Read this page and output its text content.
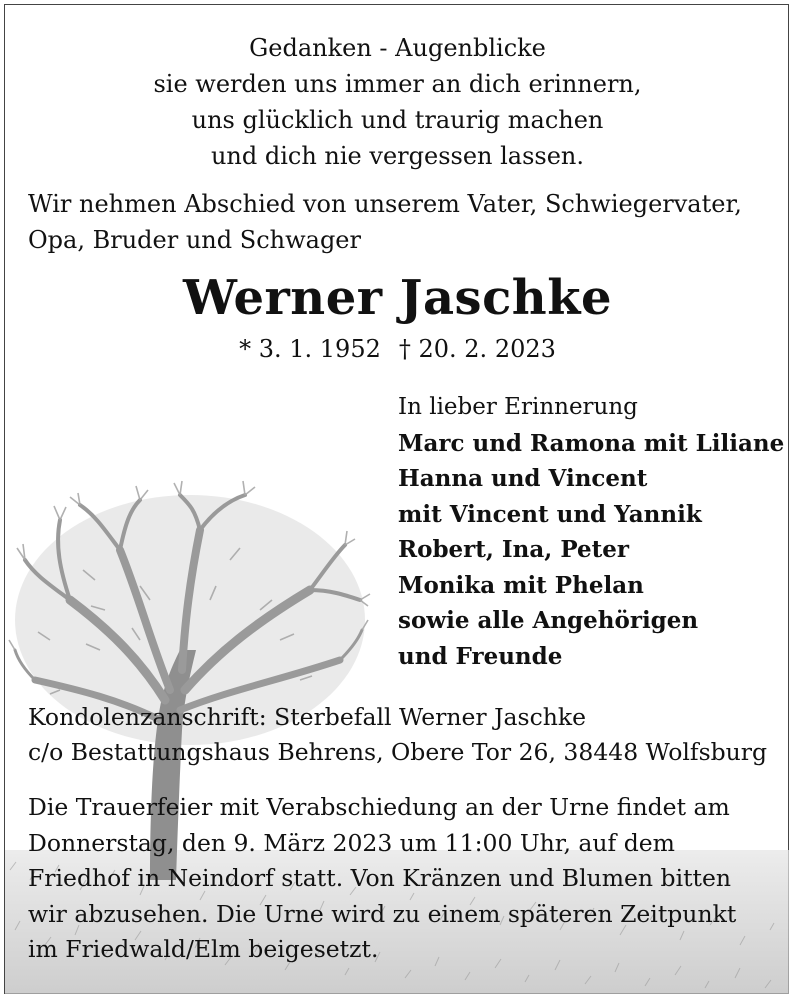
Gedanken - Augenblicke
sie werden uns immer an dich erinnern,
uns glücklich und traurig machen
und dich nie vergessen lassen.
Wir nehmen Abschied von unserem Vater, Schwiegervater,
Opa, Bruder und Schwager
Werner Jaschke
* 3. 1. 1952 † 20. 2. 2023
In lieber Erinnerung
Marc und Ramona mit Liliane
Hanna und Vincent
mit Vincent und Yannik
Robert, Ina, Peter
Monika mit Phelan
sowie alle Angehörigen
und Freunde
Kondolenzanschrift: Sterbefall Werner Jaschke
c/o Bestattungshaus Behrens, Obere Tor 26, 38448 Wolfsburg
Die Trauerfeier mit Verabschiedung an der Urne findet am
Donnerstag, den 9. März 2023 um 11:00 Uhr, auf dem
Friedhof in Neindorf statt. Von Kränzen und Blumen bitten
wir abzusehen. Die Urne wird zu einem späteren Zeitpunkt
im Friedwald/Elm beigesetzt.
